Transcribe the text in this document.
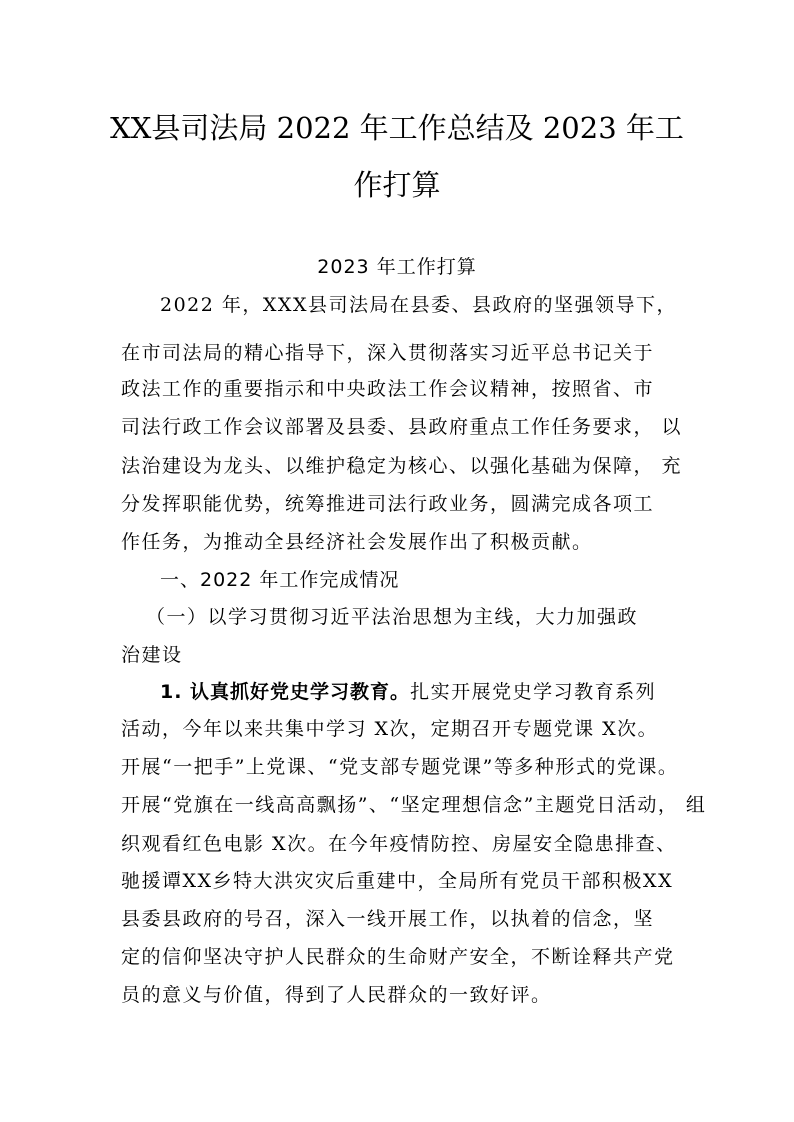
XX县司法局 2022 年工作总结及 2023 年工
作打算
2023 年工作打算
2022 年，XXX县司法局在县委、县政府的坚强领导下，
在市司法局的精心指导下，深入贯彻落实习近平总书记关于
政法工作的重要指示和中央政法工作会议精神，按照省、市
司法行政工作会议部署及县委、县政府重点工作任务要求， 以
法治建设为龙头、以维护稳定为核心、以强化基础为保障， 充
分发挥职能优势，统筹推进司法行政业务，圆满完成各项工
作任务，为推动全县经济社会发展作出了积极贡献。
一、2022 年工作完成情况
（一）以学习贯彻习近平法治思想为主线，大力加强政
治建设
1. 认真抓好党史学习教育。扎实开展党史学习教育系列
活动，今年以来共集中学习 X次，定期召开专题党课 X次。
开展“一把手”上党课、“党支部专题党课”等多种形式的党课。
开展“党旗在一线高高飘扬”、“坚定理想信念”主题党日活动， 组
织观看红色电影 X次。在今年疫情防控、房屋安全隐患排查、
驰援谭XX乡特大洪灾灾后重建中，全局所有党员干部积极XX
县委县政府的号召，深入一线开展工作，以执着的信念，坚
定的信仰坚决守护人民群众的生命财产安全，不断诠释共产党
员的意义与价值，得到了人民群众的一致好评。
